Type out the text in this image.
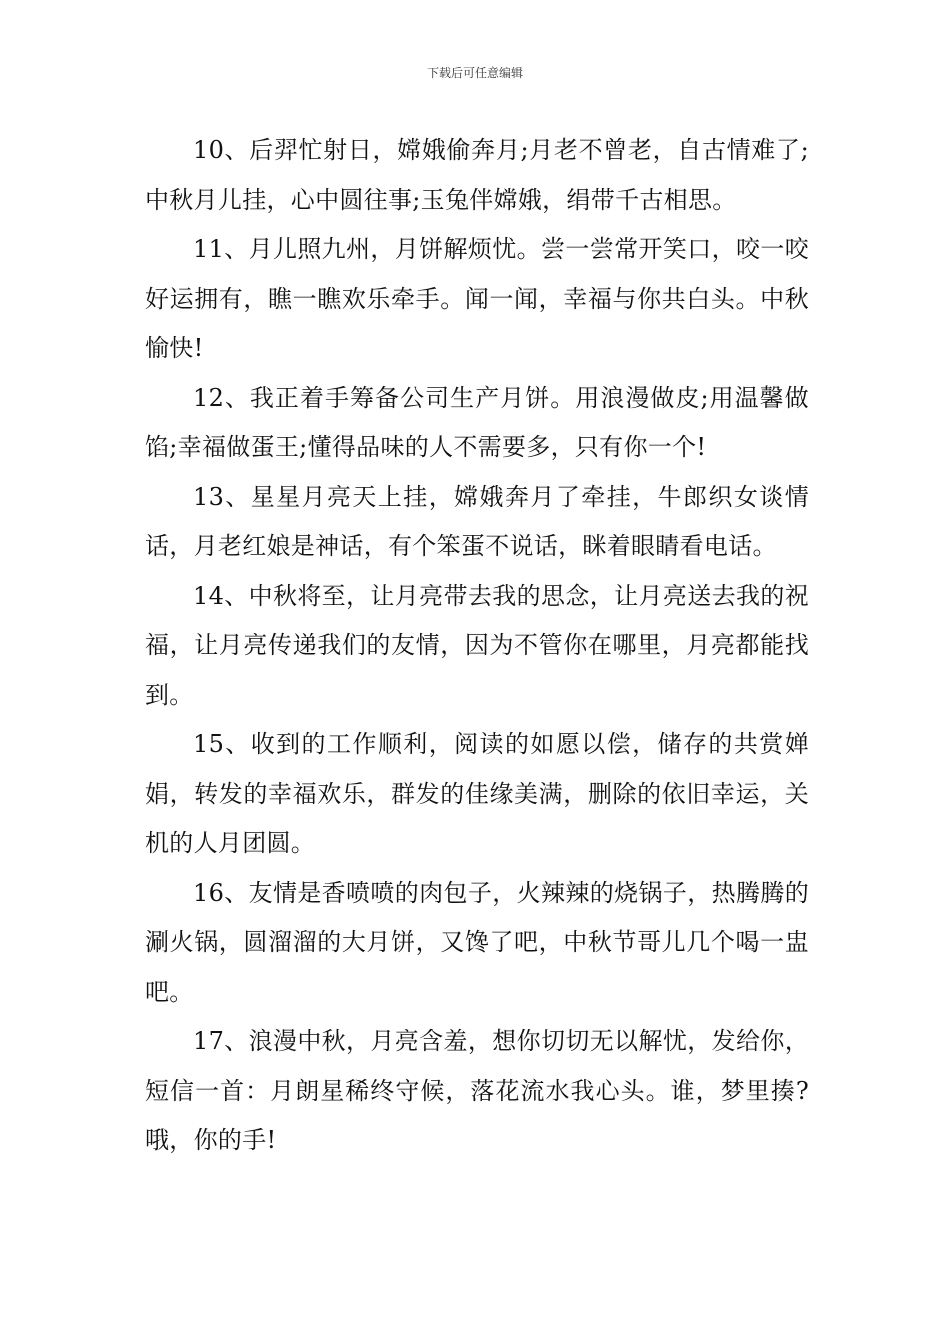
下载后可任意编辑

10、后羿忙射日，嫦娥偷奔月;月老不曾老，自古情难了;中秋月儿挂，心中圆往事;玉兔伴嫦娥，绢带千古相思。

11、月儿照九州，月饼解烦忧。尝一尝常开笑口，咬一咬好运拥有，瞧一瞧欢乐牵手。闻一闻，幸福与你共白头。中秋愉快!

12、我正着手筹备公司生产月饼。用浪漫做皮;用温馨做馅;幸福做蛋王;懂得品味的人不需要多，只有你一个!

13、星星月亮天上挂，嫦娥奔月了牵挂，牛郎织女谈情话，月老红娘是神话，有个笨蛋不说话，眯着眼睛看电话。

14、中秋将至，让月亮带去我的思念，让月亮送去我的祝福，让月亮传递我们的友情，因为不管你在哪里，月亮都能找到。

15、收到的工作顺利，阅读的如愿以偿，储存的共赏婵娟，转发的幸福欢乐，群发的佳缘美满，删除的依旧幸运，关机的人月团圆。

16、友情是香喷喷的肉包子，火辣辣的烧锅子，热腾腾的涮火锅，圆溜溜的大月饼，又馋了吧，中秋节哥儿几个喝一盅吧。

17、浪漫中秋，月亮含羞，想你切切无以解忧，发给你，短信一首：月朗星稀终守候，落花流水我心头。谁，梦里揍?哦，你的手!
